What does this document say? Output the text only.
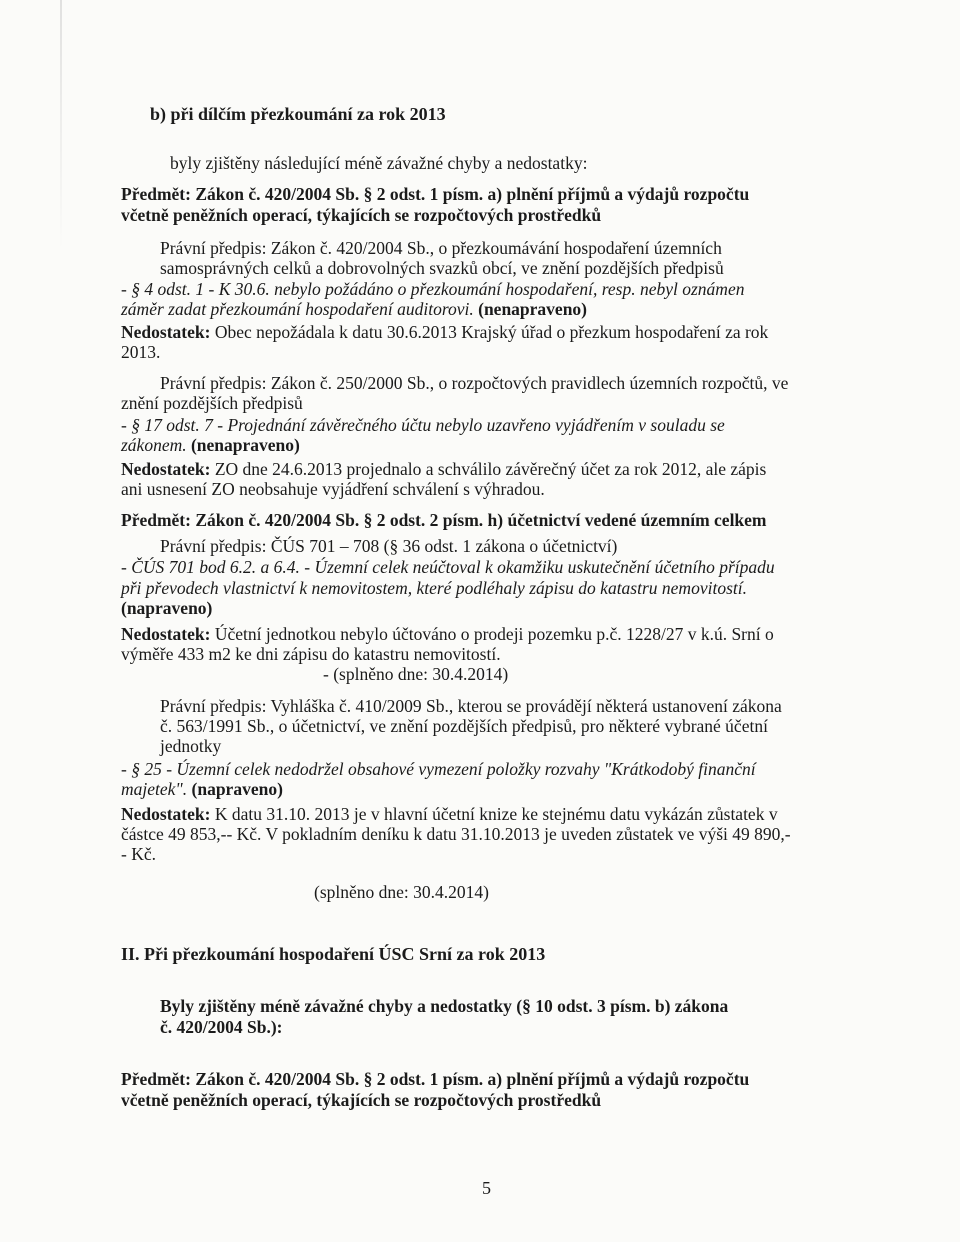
b) při dílčím přezkoumání za rok 2013
byly zjištěny následující méně závažné chyby a nedostatky:
Předmět: Zákon č. 420/2004 Sb. § 2 odst. 1 písm. a) plnění příjmů a výdajů rozpočtu
včetně peněžních operací, týkajících se rozpočtových prostředků
Právní předpis: Zákon č. 420/2004 Sb., o přezkoumávání hospodaření územních
samosprávných celků a dobrovolných svazků obcí, ve znění pozdějších předpisů
- § 4 odst. 1 - K 30.6. nebylo požádáno o přezkoumání hospodaření, resp. nebyl oznámen
záměr zadat přezkoumání hospodaření auditorovi. (nenapraveno)
Nedostatek: Obec nepožádala k datu 30.6.2013 Krajský úřad o přezkum hospodaření za rok
2013.
Právní předpis: Zákon č. 250/2000 Sb., o rozpočtových pravidlech územních rozpočtů, ve
znění pozdějších předpisů
- § 17 odst. 7 - Projednání závěrečného účtu nebylo uzavřeno vyjádřením v souladu se
zákonem. (nenapraveno)
Nedostatek: ZO dne 24.6.2013 projednalo a schválilo závěrečný účet za rok 2012, ale zápis
ani usnesení ZO neobsahuje vyjádření schválení s výhradou.
Předmět: Zákon č. 420/2004 Sb. § 2 odst. 2 písm. h) účetnictví vedené územním celkem
Právní předpis: ČÚS 701 – 708 (§ 36 odst. 1 zákona o účetnictví)
- ČÚS 701 bod 6.2. a 6.4. - Územní celek neúčtoval k okamžiku uskutečnění účetního případu
při převodech vlastnictví k nemovitostem, které podléhaly zápisu do katastru nemovitostí.
(napraveno)
Nedostatek: Účetní jednotkou nebylo účtováno o prodeji pozemku p.č. 1228/27 v k.ú. Srní o
výměře 433 m2 ke dni zápisu do katastru nemovitostí.
- (splněno dne: 30.4.2014)
Právní předpis: Vyhláška č. 410/2009 Sb., kterou se provádějí některá ustanovení zákona
č. 563/1991 Sb., o účetnictví, ve znění pozdějších předpisů, pro některé vybrané účetní
jednotky
- § 25 - Územní celek nedodržel obsahové vymezení položky rozvahy "Krátkodobý finanční
majetek". (napraveno)
Nedostatek: K datu 31.10. 2013 je v hlavní účetní knize ke stejnému datu vykázán zůstatek v
částce 49 853,-- Kč. V pokladním deníku k datu 31.10.2013 je uveden zůstatek ve výši 49 890,-
- Kč.
(splněno dne: 30.4.2014)
II. Při přezkoumání hospodaření ÚSC Srní za rok 2013
Byly zjištěny méně závažné chyby a nedostatky (§ 10 odst. 3 písm. b) zákona
č. 420/2004 Sb.):
Předmět: Zákon č. 420/2004 Sb. § 2 odst. 1 písm. a) plnění příjmů a výdajů rozpočtu
včetně peněžních operací, týkajících se rozpočtových prostředků
5
